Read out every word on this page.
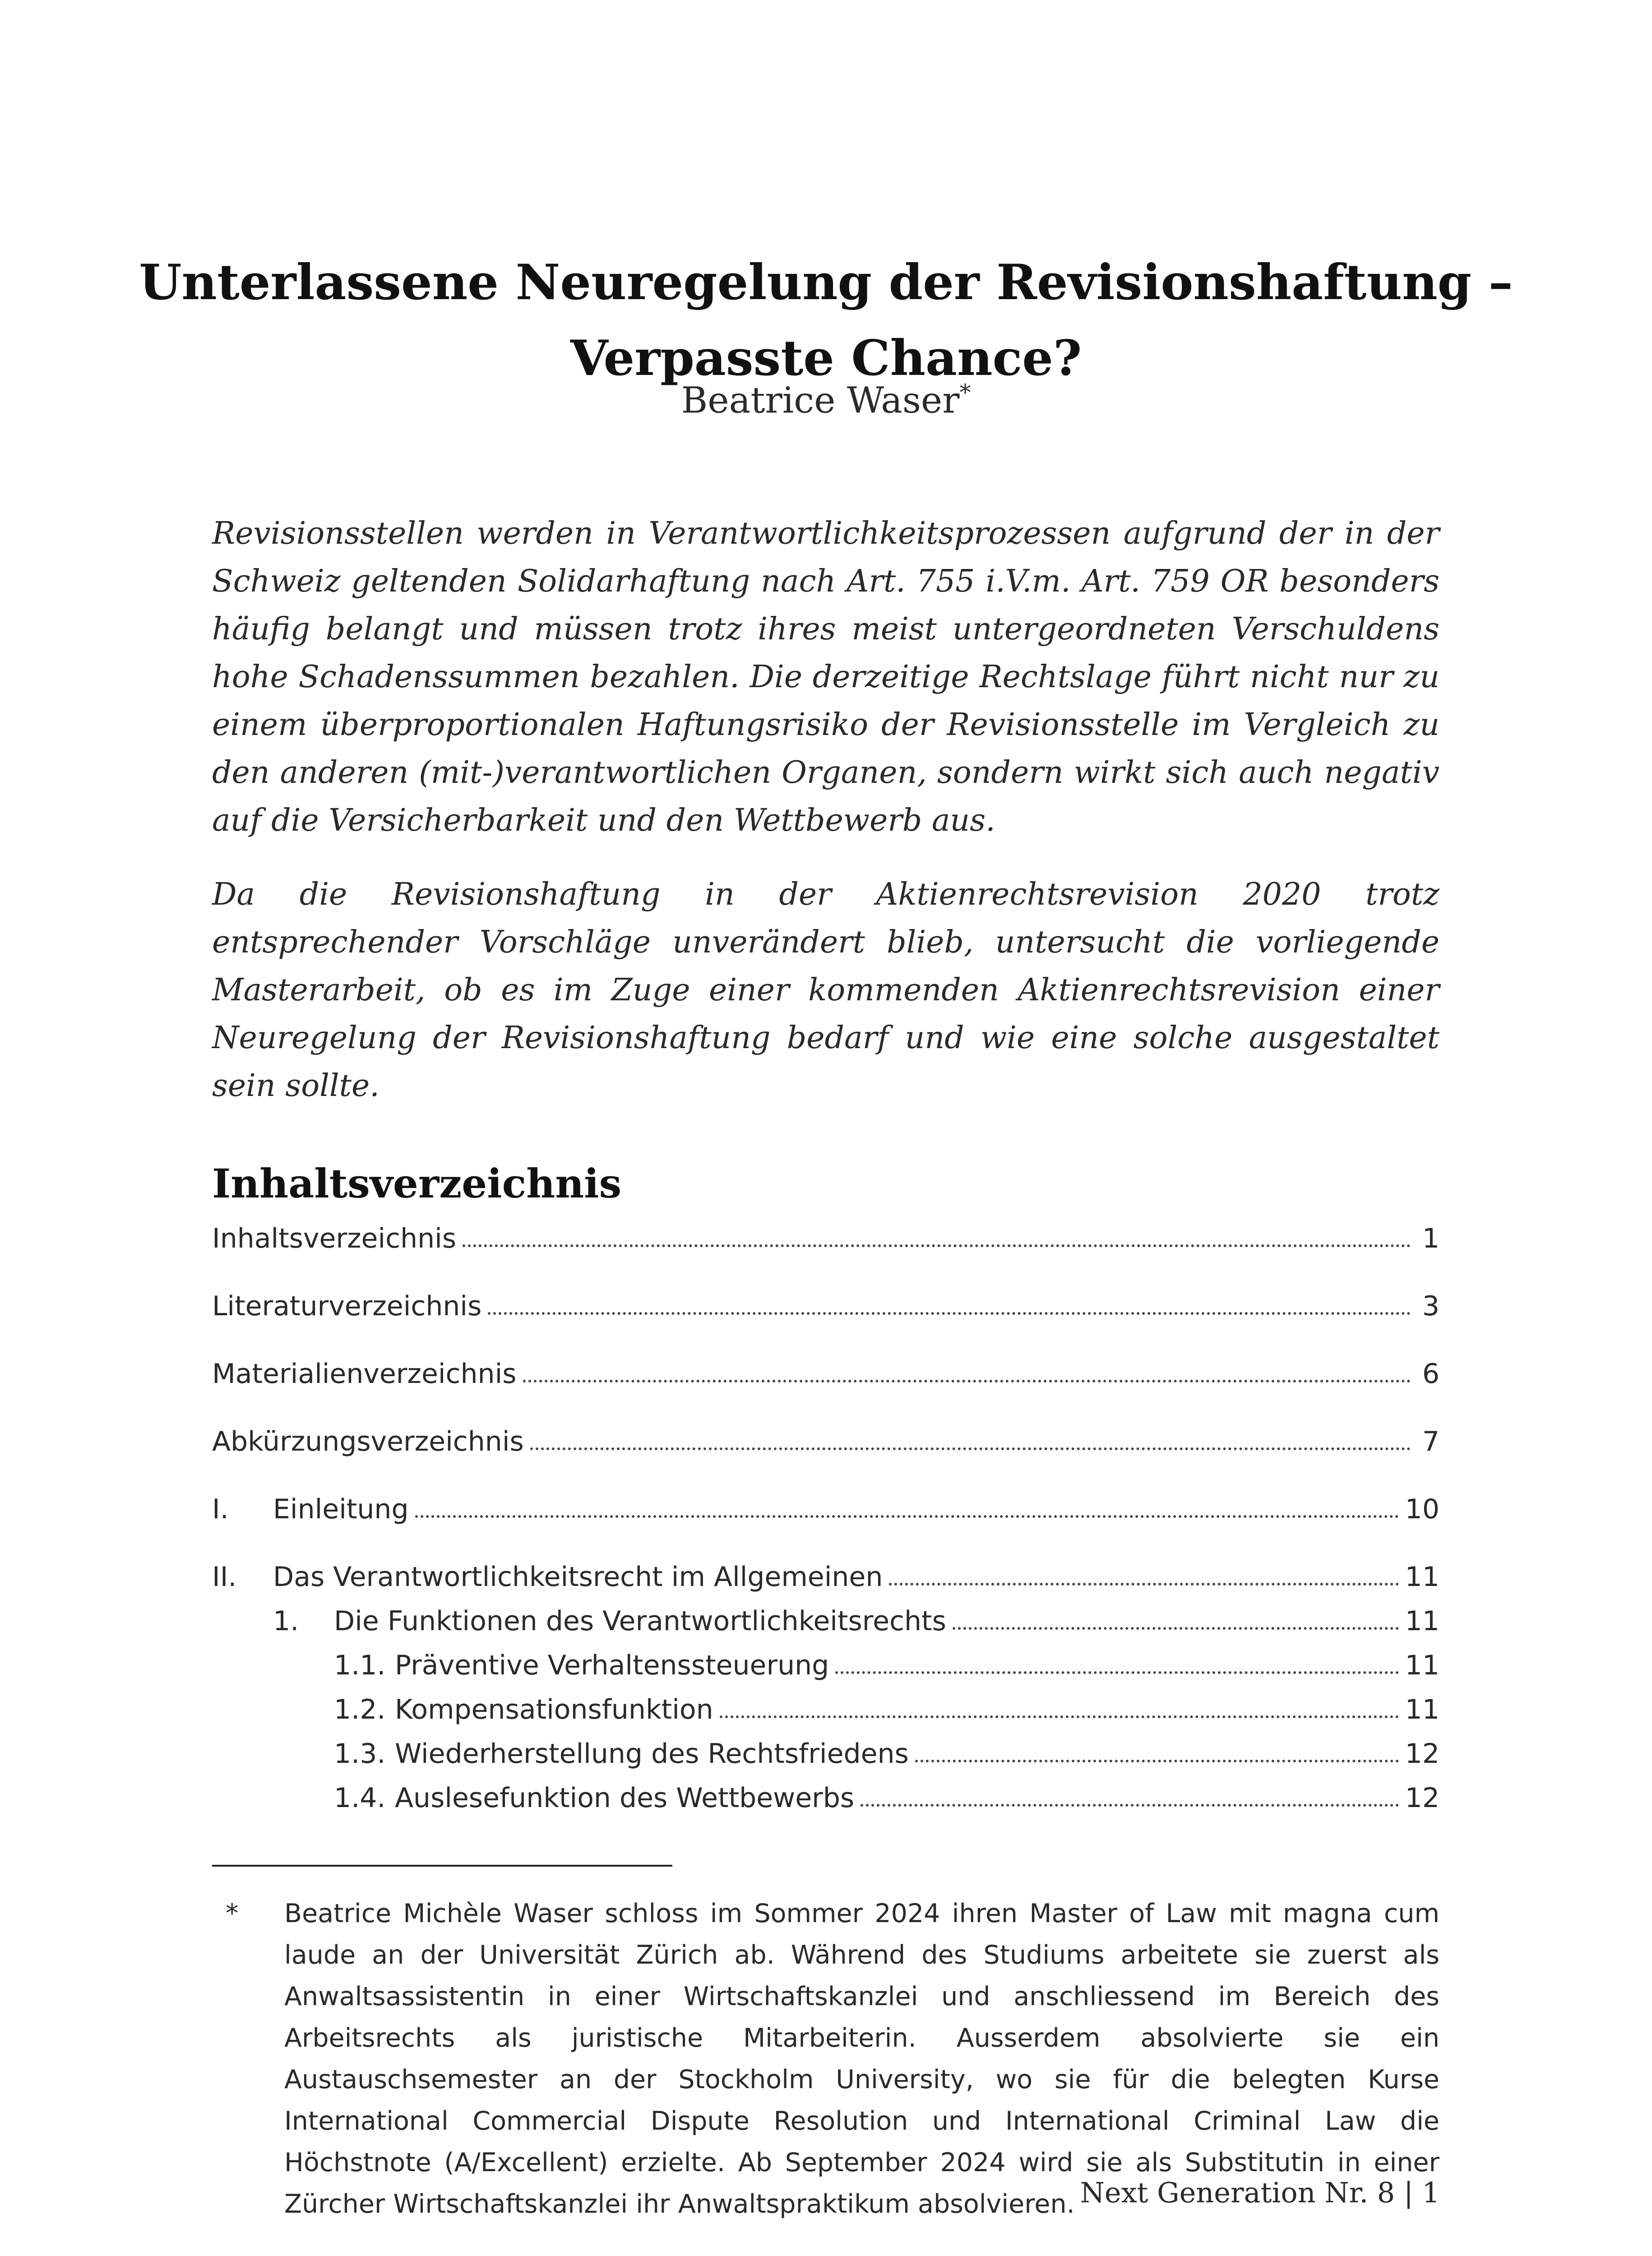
Unterlassene Neuregelung der Revisionshaftung –
Verpasste Chance?
Beatrice Waser*

Revisionsstellen werden in Verantwortlichkeitsprozessen aufgrund der in der Schweiz geltenden Solidarhaftung nach Art. 755 i.V.m. Art. 759 OR besonders häufig belangt und müssen trotz ihres meist untergeordneten Verschuldens hohe Schadenssummen bezahlen. Die derzeitige Rechtslage führt nicht nur zu einem überproportionalen Haftungsrisiko der Revisionsstelle im Vergleich zu den anderen (mit-)verantwortlichen Organen, sondern wirkt sich auch negativ auf die Versicherbarkeit und den Wettbewerb aus.

Da die Revisionshaftung in der Aktienrechtsrevision 2020 trotz entsprechender Vorschläge unverändert blieb, untersucht die vorliegende Masterarbeit, ob es im Zuge einer kommenden Aktienrechtsrevision einer Neuregelung der Revisionshaftung bedarf und wie eine solche ausgestaltet sein sollte.

Inhaltsverzeichnis
Inhaltsverzeichnis	1
Literaturverzeichnis	3
Materialienverzeichnis	6
Abkürzungsverzeichnis	7
I.	Einleitung	10
II.	Das Verantwortlichkeitsrecht im Allgemeinen	11
1.	Die Funktionen des Verantwortlichkeitsrechts	11
1.1. Präventive Verhaltenssteuerung	11
1.2. Kompensationsfunktion	11
1.3. Wiederherstellung des Rechtsfriedens	12
1.4. Auslesefunktion des Wettbewerbs	12
* Beatrice Michèle Waser schloss im Sommer 2024 ihren Master of Law mit magna cum laude an der Universität Zürich ab. Während des Studiums arbeitete sie zuerst als Anwaltsassistentin in einer Wirtschaftskanzlei und anschliessend im Bereich des Arbeitsrechts als juristische Mitarbeiterin. Ausserdem absolvierte sie ein Austauschsemester an der Stockholm University, wo sie für die belegten Kurse International Commercial Dispute Resolution und International Criminal Law die Höchstnote (A/Excellent) erzielte. Ab September 2024 wird sie als Substitutin in einer Zürcher Wirtschaftskanzlei ihr Anwaltspraktikum absolvieren. Next Generation Nr. 8 | 1
